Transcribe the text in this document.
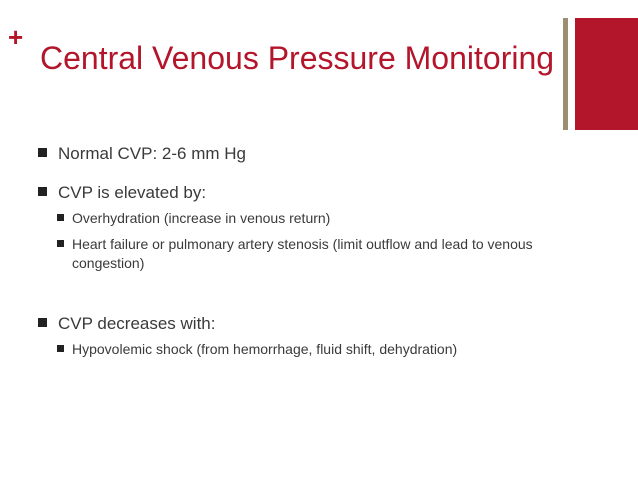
+
Central Venous Pressure Monitoring
Normal CVP: 2-6 mm Hg
CVP is elevated by:
Overhydration (increase in venous return)
Heart failure or pulmonary artery stenosis (limit outflow and lead to venous congestion)
CVP decreases with:
Hypovolemic shock (from hemorrhage, fluid shift, dehydration)
